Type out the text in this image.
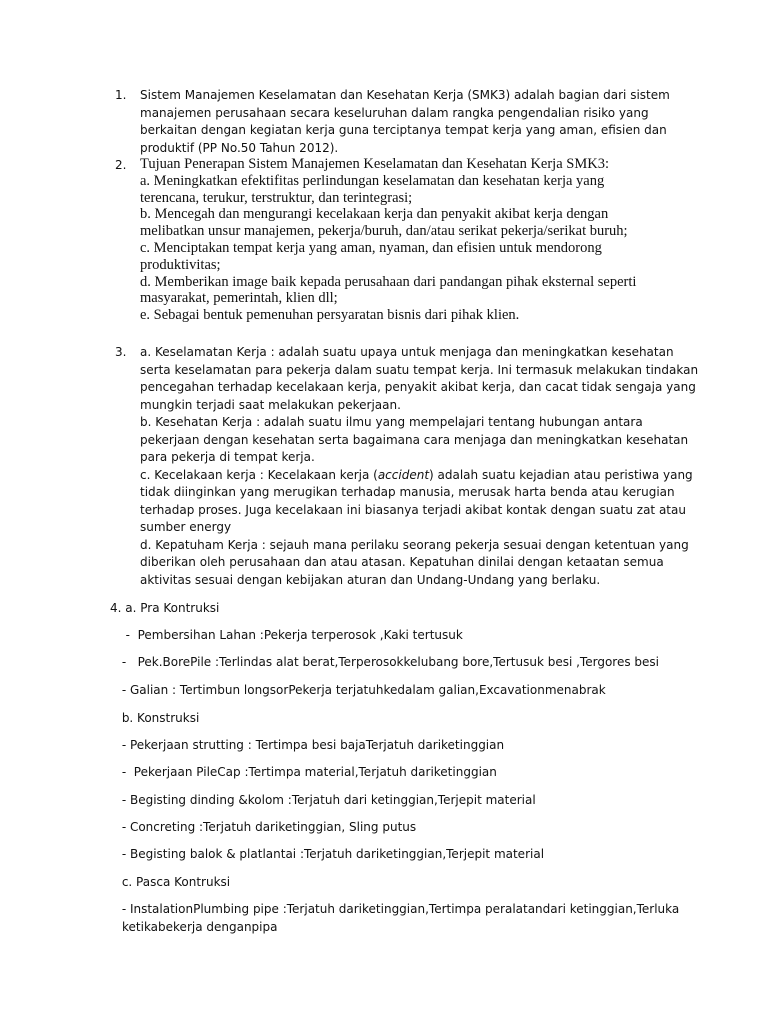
1. Sistem Manajemen Keselamatan dan Kesehatan Kerja (SMK3) adalah bagian dari sistem
manajemen perusahaan secara keseluruhan dalam rangka pengendalian risiko yang
berkaitan dengan kegiatan kerja guna terciptanya tempat kerja yang aman, efisien dan
produktif (PP No.50 Tahun 2012).
2. Tujuan Penerapan Sistem Manajemen Keselamatan dan Kesehatan Kerja SMK3:
a. Meningkatkan efektifitas perlindungan keselamatan dan kesehatan kerja yang
terencana, terukur, terstruktur, dan terintegrasi;
b. Mencegah dan mengurangi kecelakaan kerja dan penyakit akibat kerja dengan
melibatkan unsur manajemen, pekerja/buruh, dan/atau serikat pekerja/serikat buruh;
c. Menciptakan tempat kerja yang aman, nyaman, dan efisien untuk mendorong
produktivitas;
d. Memberikan image baik kepada perusahaan dari pandangan pihak eksternal seperti
masyarakat, pemerintah, klien dll;
e. Sebagai bentuk pemenuhan persyaratan bisnis dari pihak klien.
3. a. Keselamatan Kerja : adalah suatu upaya untuk menjaga dan meningkatkan kesehatan
serta keselamatan para pekerja dalam suatu tempat kerja. Ini termasuk melakukan tindakan
pencegahan terhadap kecelakaan kerja, penyakit akibat kerja, dan cacat tidak sengaja yang
mungkin terjadi saat melakukan pekerjaan.
b. Kesehatan Kerja : adalah suatu ilmu yang mempelajari tentang hubungan antara
pekerjaan dengan kesehatan serta bagaimana cara menjaga dan meningkatkan kesehatan
para pekerja di tempat kerja.
c. Kecelakaan kerja : Kecelakaan kerja (accident) adalah suatu kejadian atau peristiwa yang
tidak diinginkan yang merugikan terhadap manusia, merusak harta benda atau kerugian
terhadap proses. Juga kecelakaan ini biasanya terjadi akibat kontak dengan suatu zat atau
sumber energy
d. Kepatuham Kerja : sejauh mana perilaku seorang pekerja sesuai dengan ketentuan yang
diberikan oleh perusahaan dan atau atasan. Kepatuhan dinilai dengan ketaatan semua
aktivitas sesuai dengan kebijakan aturan dan Undang-Undang yang berlaku.
4. a. Pra Kontruksi
-  Pembersihan Lahan :Pekerja terperosok ,Kaki tertusuk
-   Pek.BorePile :Terlindas alat berat,Terperosokkelubang bore,Tertusuk besi ,Tergores besi
- Galian : Tertimbun longsorPekerja terjatuhkedalam galian,Excavationmenabrak
b. Konstruksi
- Pekerjaan strutting : Tertimpa besi bajaTerjatuh dariketinggian
-  Pekerjaan PileCap :Tertimpa material,Terjatuh dariketinggian
- Begisting dinding &kolom :Terjatuh dari ketinggian,Terjepit material
- Concreting :Terjatuh dariketinggian, Sling putus
- Begisting balok & platlantai :Terjatuh dariketinggian,Terjepit material
c. Pasca Kontruksi
- InstalationPlumbing pipe :Terjatuh dariketinggian,Tertimpa peralatandari ketinggian,Terluka
ketikabekerja denganpipa
